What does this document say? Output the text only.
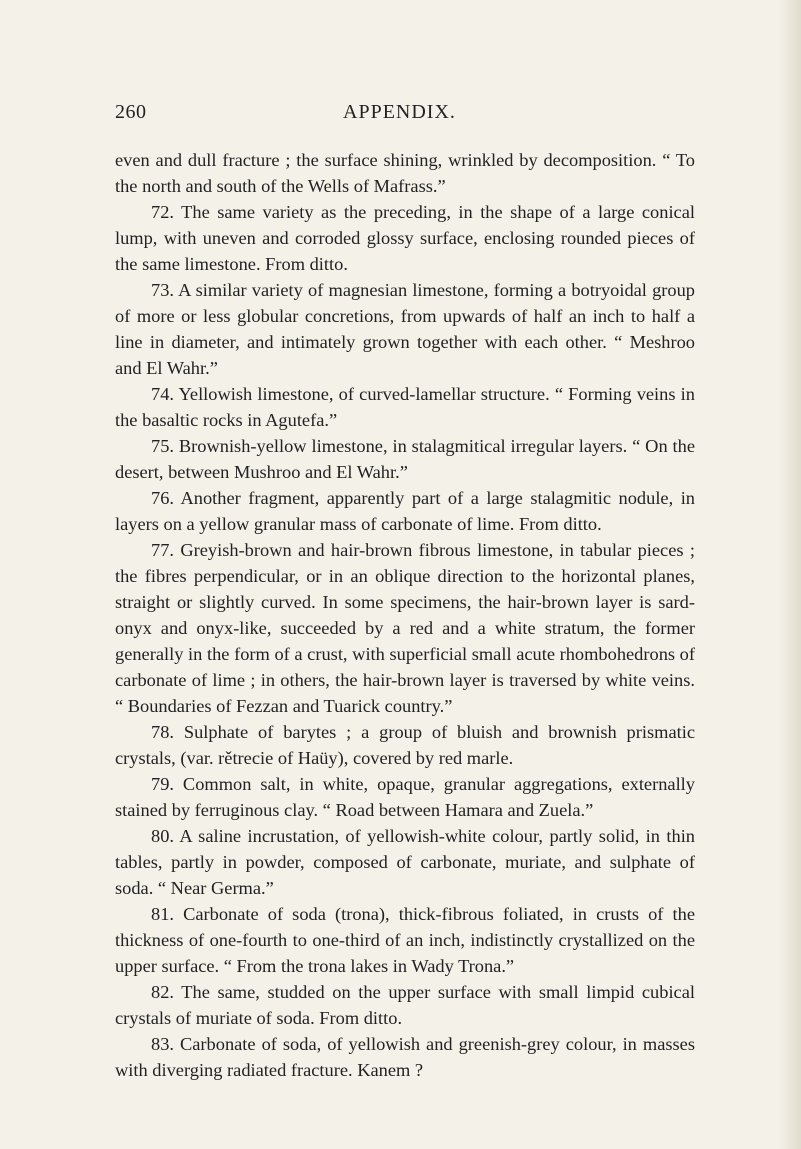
260	APPENDIX.

even and dull fracture ; the surface shining, wrinkled by decomposition. “ To the north and south of the Wells of Mafrass.”

72. The same variety as the preceding, in the shape of a large conical lump, with uneven and corroded glossy surface, enclosing rounded pieces of the same limestone. From ditto.

73. A similar variety of magnesian limestone, forming a botryoidal group of more or less globular concretions, from upwards of half an inch to half a line in diameter, and intimately grown together with each other. “ Meshroo and El Wahr.”

74. Yellowish limestone, of curved-lamellar structure. “ Forming veins in the basaltic rocks in Agutefa.”

75. Brownish-yellow limestone, in stalagmitical irregular layers. “ On the desert, between Mushroo and El Wahr.”

76. Another fragment, apparently part of a large stalagmitic nodule, in layers on a yellow granular mass of carbonate of lime. From ditto.

77. Greyish-brown and hair-brown fibrous limestone, in tabular pieces ; the fibres perpendicular, or in an oblique direction to the horizontal planes, straight or slightly curved. In some specimens, the hair-brown layer is sard-onyx and onyx-like, succeeded by a red and a white stratum, the former generally in the form of a crust, with superficial small acute rhombohedrons of carbonate of lime ; in others, the hair-brown layer is traversed by white veins. “ Boundaries of Fezzan and Tuarick country.”

78. Sulphate of barytes ; a group of bluish and brownish prismatic crystals, (var. rětrecie of Haüy), covered by red marle.

79. Common salt, in white, opaque, granular aggregations, externally stained by ferruginous clay. “ Road between Hamara and Zuela.”

80. A saline incrustation, of yellowish-white colour, partly solid, in thin tables, partly in powder, composed of carbonate, muriate, and sulphate of soda. “ Near Germa.”

81. Carbonate of soda (trona), thick-fibrous foliated, in crusts of the thickness of one-fourth to one-third of an inch, indistinctly crystallized on the upper surface. “ From the trona lakes in Wady Trona.”

82. The same, studded on the upper surface with small limpid cubical crystals of muriate of soda. From ditto.

83. Carbonate of soda, of yellowish and greenish-grey colour, in masses with diverging radiated fracture. Kanem ?
